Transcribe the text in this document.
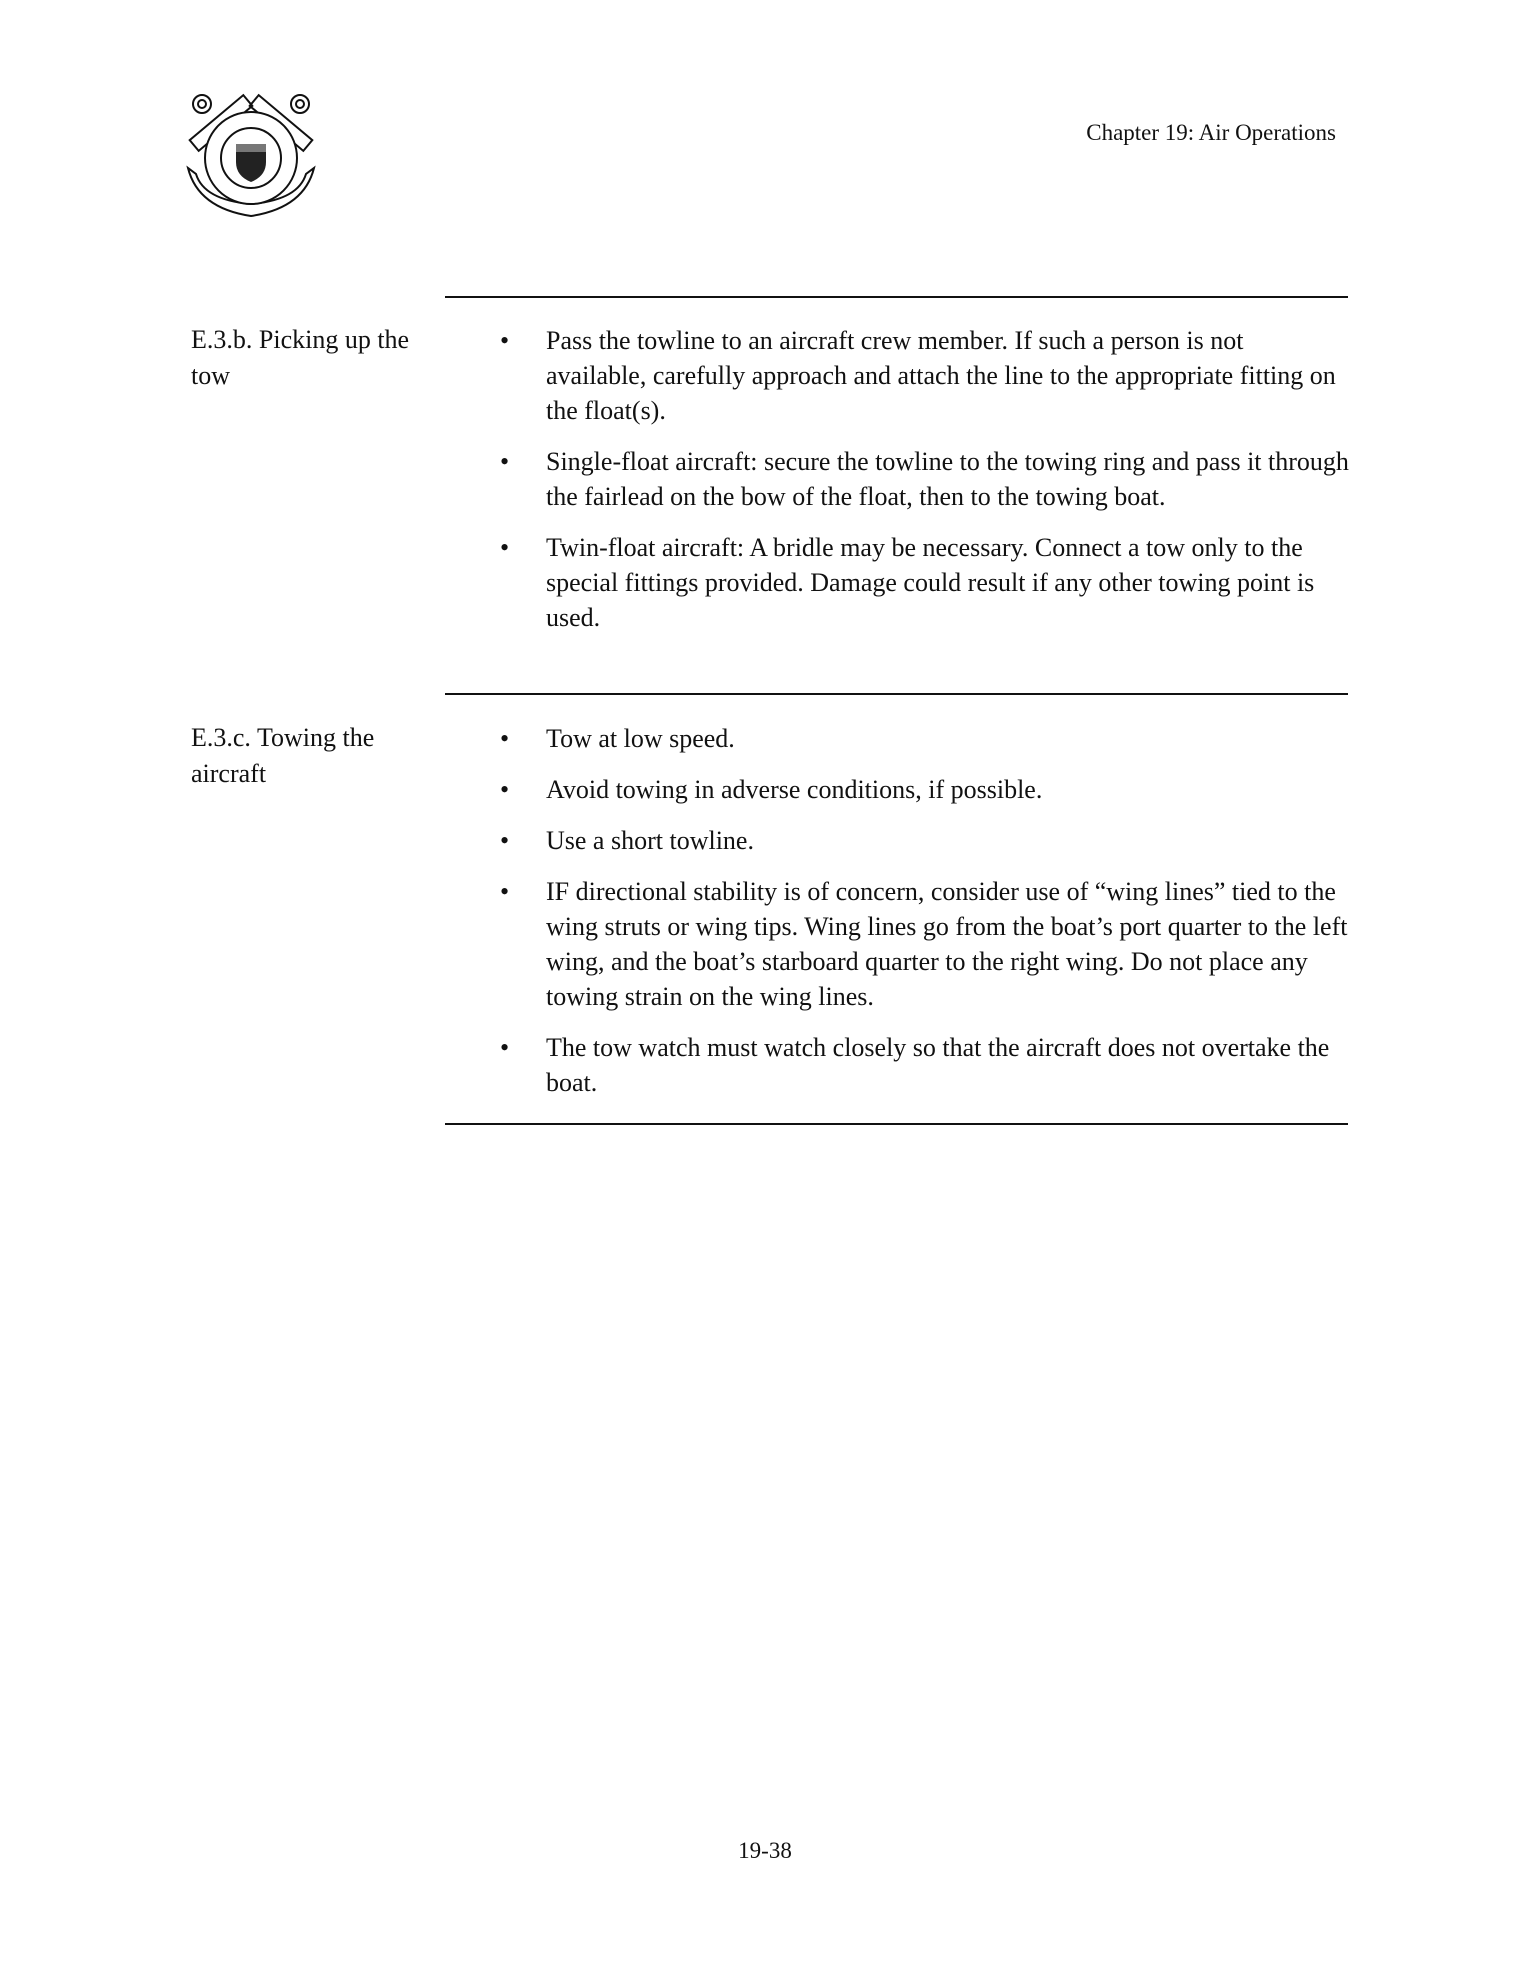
Chapter 19: Air Operations
E.3.b. Picking up the tow
• Pass the towline to an aircraft crew member. If such a person is not available, carefully approach and attach the line to the appropriate fitting on the float(s).
• Single-float aircraft: secure the towline to the towing ring and pass it through the fairlead on the bow of the float, then to the towing boat.
• Twin-float aircraft: A bridle may be necessary. Connect a tow only to the special fittings provided. Damage could result if any other towing point is used.
E.3.c. Towing the aircraft
• Tow at low speed.
• Avoid towing in adverse conditions, if possible.
• Use a short towline.
• IF directional stability is of concern, consider use of “wing lines” tied to the wing struts or wing tips. Wing lines go from the boat’s port quarter to the left wing, and the boat’s starboard quarter to the right wing. Do not place any towing strain on the wing lines.
• The tow watch must watch closely so that the aircraft does not overtake the boat.
19-38
